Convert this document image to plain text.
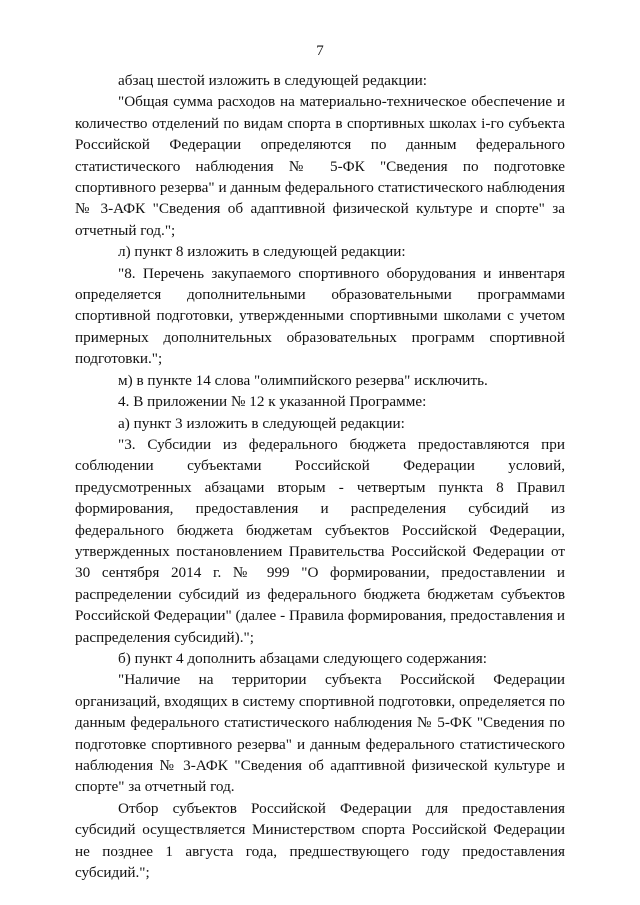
7

абзац шестой изложить в следующей редакции:

"Общая сумма расходов на материально-техническое обеспечение и количество отделений по видам спорта в спортивных школах i-го субъекта Российской Федерации определяются по данным федерального статистического наблюдения № 5-ФК "Сведения по подготовке спортивного резерва" и данным федерального статистического наблюдения № 3-АФК "Сведения об адаптивной физической культуре и спорте" за отчетный год.";

л) пункт 8 изложить в следующей редакции:

"8. Перечень закупаемого спортивного оборудования и инвентаря определяется дополнительными образовательными программами спортивной подготовки, утвержденными спортивными школами с учетом примерных дополнительных образовательных программ спортивной подготовки.";

м) в пункте 14 слова "олимпийского резерва" исключить.

4. В приложении № 12 к указанной Программе:

а) пункт 3 изложить в следующей редакции:

"3. Субсидии из федерального бюджета предоставляются при соблюдении субъектами Российской Федерации условий, предусмотренных абзацами вторым - четвертым пункта 8 Правил формирования, предоставления и распределения субсидий из федерального бюджета бюджетам субъектов Российской Федерации, утвержденных постановлением Правительства Российской Федерации от 30 сентября 2014 г. № 999 "О формировании, предоставлении и распределении субсидий из федерального бюджета бюджетам субъектов Российской Федерации" (далее - Правила формирования, предоставления и распределения субсидий).";

б) пункт 4 дополнить абзацами следующего содержания:

"Наличие на территории субъекта Российской Федерации организаций, входящих в систему спортивной подготовки, определяется по данным федерального статистического наблюдения № 5-ФК "Сведения по подготовке спортивного резерва" и данным федерального статистического наблюдения № 3-АФК "Сведения об адаптивной физической культуре и спорте" за отчетный год.

Отбор субъектов Российской Федерации для предоставления субсидий осуществляется Министерством спорта Российской Федерации не позднее 1 августа года, предшествующего году предоставления субсидий.";
